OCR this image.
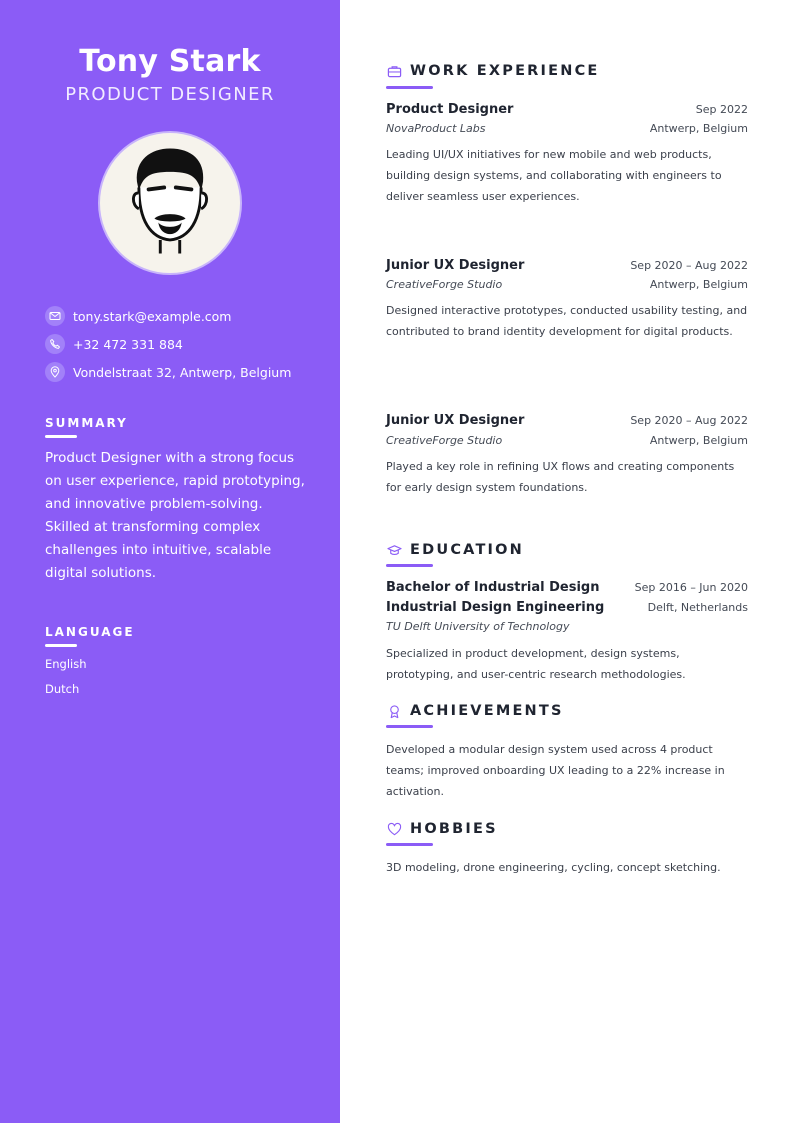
Tony Stark
PRODUCT DESIGNER
tony.stark@example.com
+32 472 331 884
Vondelstraat 32, Antwerp, Belgium
SUMMARY
Product Designer with a strong focus on user experience, rapid prototyping, and innovative problem-solving. Skilled at transforming complex challenges into intuitive, scalable digital solutions.
LANGUAGE
English
Dutch
WORK EXPERIENCE
Product Designer	Sep 2022
NovaProduct Labs	Antwerp, Belgium
Leading UI/UX initiatives for new mobile and web products, building design systems, and collaborating with engineers to deliver seamless user experiences.
Junior UX Designer	Sep 2020 – Aug 2022
CreativeForge Studio	Antwerp, Belgium
Designed interactive prototypes, conducted usability testing, and contributed to brand identity development for digital products.
Junior UX Designer	Sep 2020 – Aug 2022
CreativeForge Studio	Antwerp, Belgium
Played a key role in refining UX flows and creating components for early design system foundations.
EDUCATION
Bachelor of Industrial Design	Sep 2016 – Jun 2020
Industrial Design Engineering	Delft, Netherlands
TU Delft University of Technology
Specialized in product development, design systems, prototyping, and user-centric research methodologies.
ACHIEVEMENTS
Developed a modular design system used across 4 product teams; improved onboarding UX leading to a 22% increase in activation.
HOBBIES
3D modeling, drone engineering, cycling, concept sketching.
